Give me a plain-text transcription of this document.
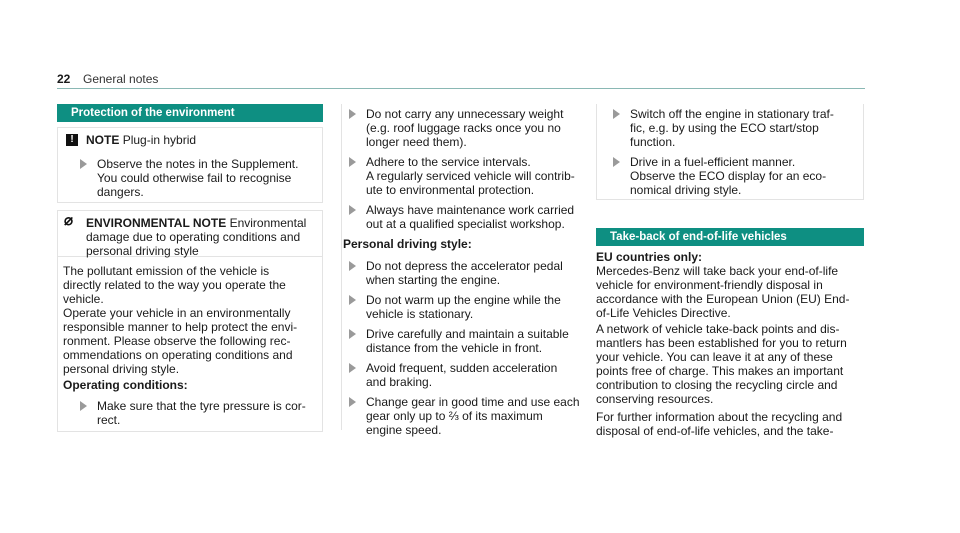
22 General notes
Protection of the environment
!	NOTE Plug-in hybrid
Observe the notes in the Supplement.
You could otherwise fail to recognise
dangers.
⌀ ENVIRONMENTAL NOTE Environmental
damage due to operating conditions and
personal driving style
The pollutant emission of the vehicle is
directly related to the way you operate the
vehicle.
Operate your vehicle in an environmentally
responsible manner to help protect the envi-
ronment. Please observe the following rec-
ommendations on operating conditions and
personal driving style.
Operating conditions:
Make sure that the tyre pressure is cor-
rect.
Do not carry any unnecessary weight
(e.g. roof luggage racks once you no
longer need them).
Adhere to the service intervals.
A regularly serviced vehicle will contrib-
ute to environmental protection.
Always have maintenance work carried
out at a qualified specialist workshop.
Personal driving style:
Do not depress the accelerator pedal
when starting the engine.
Do not warm up the engine while the
vehicle is stationary.
Drive carefully and maintain a suitable
distance from the vehicle in front.
Avoid frequent, sudden acceleration
and braking.
Change gear in good time and use each
gear only up to ⅔ of its maximum
engine speed.
Switch off the engine in stationary traf-
fic, e.g. by using the ECO start/stop
function.
Drive in a fuel-efficient manner.
Observe the ECO display for an eco-
nomical driving style.
Take-back of end-of-life vehicles
EU countries only:
Mercedes-Benz will take back your end-of-life
vehicle for environment-friendly disposal in
accordance with the European Union (EU) End-
of-Life Vehicles Directive.
A network of vehicle take-back points and dis-
mantlers has been established for you to return
your vehicle. You can leave it at any of these
points free of charge. This makes an important
contribution to closing the recycling circle and
conserving resources.
For further information about the recycling and
disposal of end-of-life vehicles, and the take-
